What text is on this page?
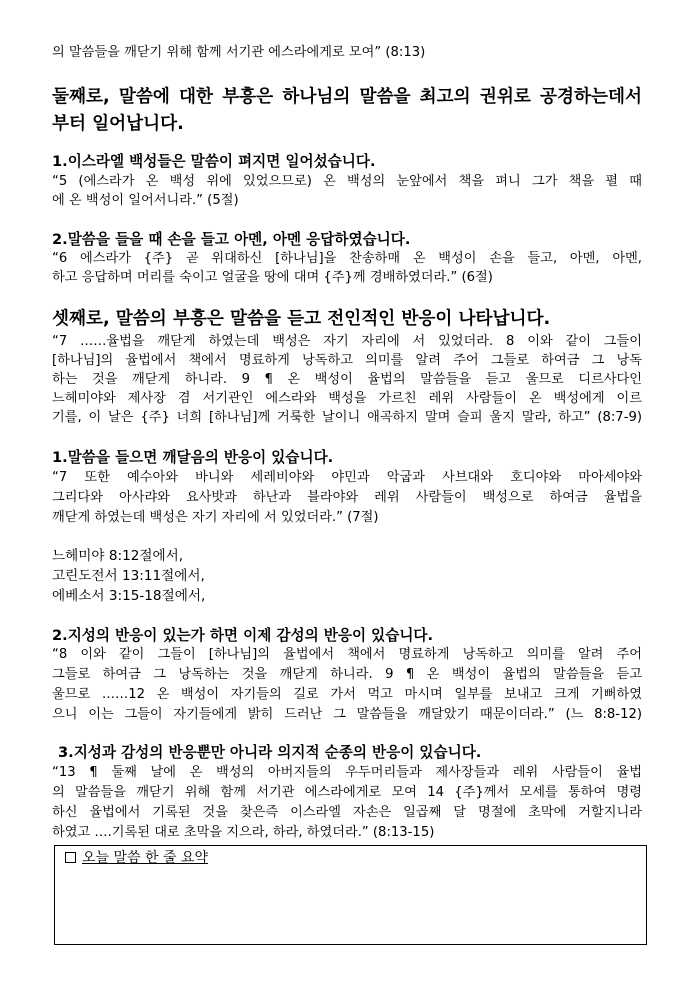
의 말씀들을 깨닫기 위해 함께 서기관 에스라에게로 모여” (8:13)
둘째로, 말씀에 대한 부흥은 하나님의 말씀을 최고의 권위로 공경하는데서
부터 일어납니다.
1.이스라엘 백성들은 말씀이 펴지면 일어섰습니다.
“5 (에스라가 온 백성 위에 있었으므로) 온 백성의 눈앞에서 책을 펴니 그가 책을 펼 때
에 온 백성이 일어서니라.” (5절)
2.말씀을 들을 때 손을 들고 아멘, 아멘 응답하였습니다.
“6 에스라가 {주} 곧 위대하신 [하나님]을 찬송하매 온 백성이 손을 들고, 아멘, 아멘,
하고 응답하며 머리를 숙이고 얼굴을 땅에 대며 {주}께 경배하였더라.” (6절)
셋째로, 말씀의 부흥은 말씀을 듣고 전인적인 반응이 나타납니다.
“7 ……율법을 깨닫게 하였는데 백성은 자기 자리에 서 있었더라. 8 이와 같이 그들이
[하나님]의 율법에서 책에서 명료하게 낭독하고 의미를 알려 주어 그들로 하여금 그 낭독
하는 것을 깨닫게 하니라. 9 ¶ 온 백성이 율법의 말씀들을 듣고 울므로 디르사다인
느헤미야와 제사장 겸 서기관인 에스라와 백성을 가르친 레위 사람들이 온 백성에게 이르
기를, 이 날은 {주} 너희 [하나님]께 거룩한 날이니 애곡하지 말며 슬피 울지 말라, 하고” (8:7-9)
1.말씀을 들으면 깨달음의 반응이 있습니다.
“7 또한 예수아와 바니와 세레비야와 야민과 악굽과 사브대와 호디야와 마아세야와
그리다와 아사랴와 요사밧과 하난과 블라야와 레위 사람들이 백성으로 하여금 율법을
깨닫게 하였는데 백성은 자기 자리에 서 있었더라.” (7절)
느헤미야 8:12절에서,
고린도전서 13:11절에서,
에베소서 3:15-18절에서,
2.지성의 반응이 있는가 하면 이제 감성의 반응이 있습니다.
“8 이와 같이 그들이 [하나님]의 율법에서 책에서 명료하게 낭독하고 의미를 알려 주어
그들로 하여금 그 낭독하는 것을 깨닫게 하니라. 9 ¶ 온 백성이 율법의 말씀들을 듣고
울므로 ……12 온 백성이 자기들의 길로 가서 먹고 마시며 일부를 보내고 크게 기뻐하였
으니 이는 그들이 자기들에게 밝히 드러난 그 말씀들을 깨달았기 때문이더라.” (느 8:8-12)
3.지성과 감성의 반응뿐만 아니라 의지적 순종의 반응이 있습니다.
“13 ¶ 둘째 날에 온 백성의 아버지들의 우두머리들과 제사장들과 레위 사람들이 율법
의 말씀들을 깨닫기 위해 함께 서기관 에스라에게로 모여 14 {주}께서 모세를 통하여 명령
하신 율법에서 기록된 것을 찾은즉 이스라엘 자손은 일곱째 달 명절에 초막에 거할지니라
하였고 ….기록된 대로 초막을 지으라, 하라, 하였더라.” (8:13-15)
오늘 말씀 한 줄 요약
